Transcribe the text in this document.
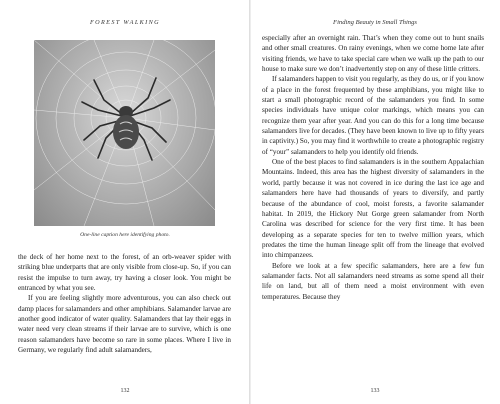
FOREST WALKING
One-line caption here identifying photo.

the deck of her home next to the forest, of an orb-weaver spider with striking blue underparts that are only visible from close-up. So, if you can resist the impulse to turn away, try having a closer look. You might be entranced by what you see.

If you are feeling slightly more adventurous, you can also check out damp places for salamanders and other amphibians. Salamander larvae are another good indicator of water quality. Salamanders that lay their eggs in water need very clean streams if their larvae are to survive, which is one reason salamanders have become so rare in some places. Where I live in Germany, we regularly find adult salamanders,

132
Finding Beauty in Small Things

especially after an overnight rain. That’s when they come out to hunt snails and other small creatures. On rainy evenings, when we come home late after visiting friends, we have to take special care when we walk up the path to our house to make sure we don’t inadvertently step on any of these little critters.

If salamanders happen to visit you regularly, as they do us, or if you know of a place in the forest frequented by these amphibians, you might like to start a small photographic record of the salamanders you find. In some species individuals have unique color markings, which means you can recognize them year after year. And you can do this for a long time because salamanders live for decades. (They have been known to live up to fifty years in captivity.) So, you may find it worthwhile to create a photographic registry of “your” salamanders to help you identify old friends.

One of the best places to find salamanders is in the southern Appalachian Mountains. Indeed, this area has the highest diversity of salamanders in the world, partly because it was not covered in ice during the last ice age and salamanders here have had thousands of years to diversify, and partly because of the abundance of cool, moist forests, a favorite salamander habitat. In 2019, the Hickory Nut Gorge green salamander from North Carolina was described for science for the very first time. It has been developing as a separate species for ten to twelve million years, which predates the time the human lineage split off from the lineage that evolved into chimpanzees.

Before we look at a few specific salamanders, here are a few fun salamander facts. Not all salamanders need streams as some spend all their life on land, but all of them need a moist environment with even temperatures. Because they

133
